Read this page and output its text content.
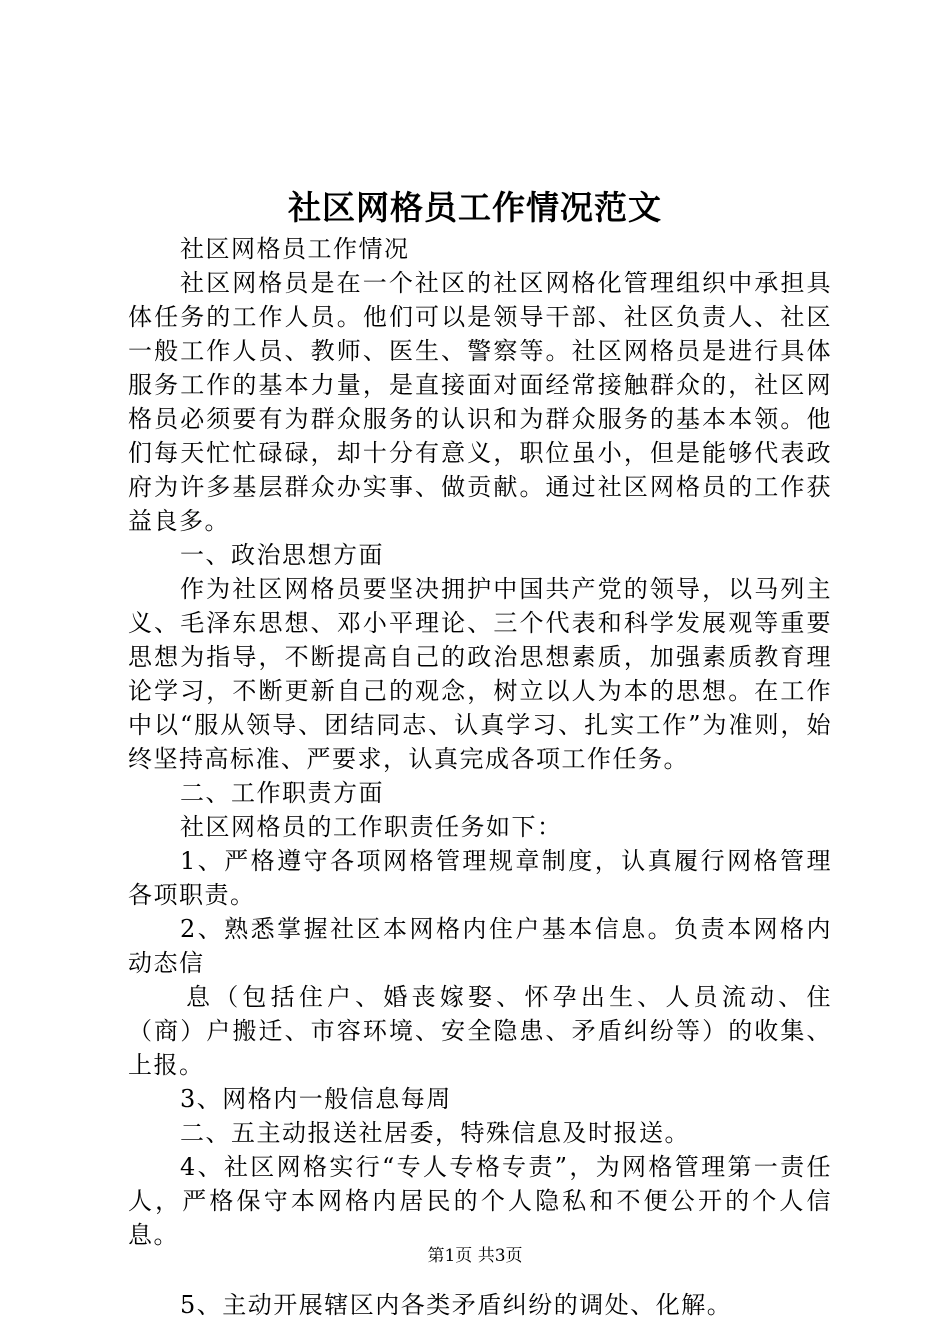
社区网格员工作情况范文

社区网格员工作情况

社区网格员是在一个社区的社区网格化管理组织中承担具体任务的工作人员。他们可以是领导干部、社区负责人、社区一般工作人员、教师、医生、警察等。社区网格员是进行具体服务工作的基本力量，是直接面对面经常接触群众的，社区网格员必须要有为群众服务的认识和为群众服务的基本本领。他们每天忙忙碌碌，却十分有意义，职位虽小，但是能够代表政府为许多基层群众办实事、做贡献。通过社区网格员的工作获益良多。

一、政治思想方面

作为社区网格员要坚决拥护中国共产党的领导，以马列主义、毛泽东思想、邓小平理论、三个代表和科学发展观等重要思想为指导，不断提高自己的政治思想素质，加强素质教育理论学习，不断更新自己的观念，树立以人为本的思想。在工作中以“服从领导、团结同志、认真学习、扎实工作”为准则，始终坚持高标准、严要求，认真完成各项工作任务。

二、工作职责方面

社区网格员的工作职责任务如下：

1、严格遵守各项网格管理规章制度，认真履行网格管理各项职责。

2、熟悉掌握社区本网格内住户基本信息。负责本网格内动态信

息（包括住户、婚丧嫁娶、怀孕出生、人员流动、住（商）户搬迁、市容环境、安全隐患、矛盾纠纷等）的收集、上报。

3、网格内一般信息每周

二、五主动报送社居委，特殊信息及时报送。

4、社区网格实行“专人专格专责”，为网格管理第一责任人，严格保守本网格内居民的个人隐私和不便公开的个人信息。

5、主动开展辖区内各类矛盾纠纷的调处、化解。

第1页 共3页
